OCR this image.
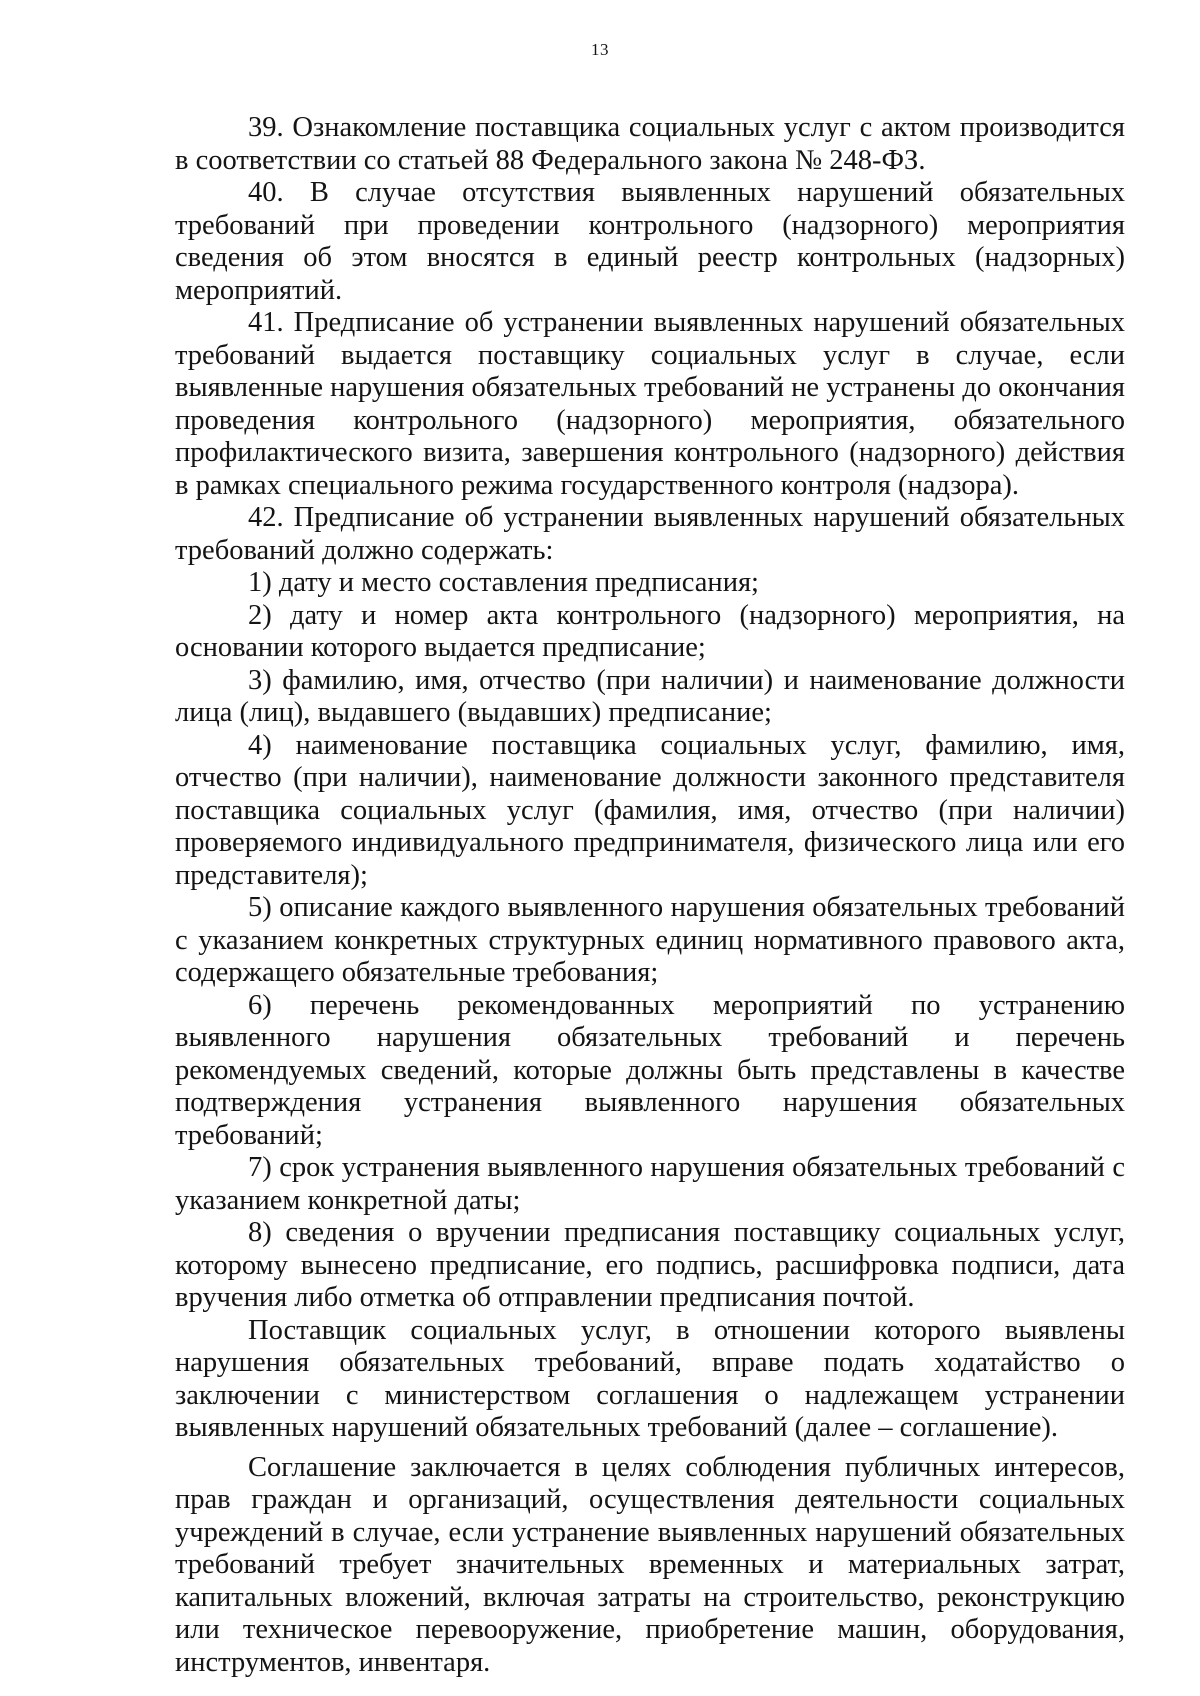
13

39. Ознакомление поставщика социальных услуг с актом производится в соответствии со статьей 88 Федерального закона № 248-ФЗ.

40. В случае отсутствия выявленных нарушений обязательных требований при проведении контрольного (надзорного) мероприятия сведения об этом вносятся в единый реестр контрольных (надзорных) мероприятий.

41. Предписание об устранении выявленных нарушений обязательных требований выдается поставщику социальных услуг в случае, если выявленные нарушения обязательных требований не устранены до окончания проведения контрольного (надзорного) мероприятия, обязательного профилактического визита, завершения контрольного (надзорного) действия в рамках специального режима государственного контроля (надзора).

42. Предписание об устранении выявленных нарушений обязательных требований должно содержать:

1) дату и место составления предписания;

2) дату и номер акта контрольного (надзорного) мероприятия, на основании которого выдается предписание;

3) фамилию, имя, отчество (при наличии) и наименование должности лица (лиц), выдавшего (выдавших) предписание;

4) наименование поставщика социальных услуг, фамилию, имя, отчество (при наличии), наименование должности законного представителя поставщика социальных услуг (фамилия, имя, отчество (при наличии) проверяемого индивидуального предпринимателя, физического лица или его представителя);

5) описание каждого выявленного нарушения обязательных требований с указанием конкретных структурных единиц нормативного правового акта, содержащего обязательные требования;

6) перечень рекомендованных мероприятий по устранению выявленного нарушения обязательных требований и перечень рекомендуемых сведений, которые должны быть представлены в качестве подтверждения устранения выявленного нарушения обязательных требований;

7) срок устранения выявленного нарушения обязательных требований с указанием конкретной даты;

8) сведения о вручении предписания поставщику социальных услуг, которому вынесено предписание, его подпись, расшифровка подписи, дата вручения либо отметка об отправлении предписания почтой.

Поставщик социальных услуг, в отношении которого выявлены нарушения обязательных требований, вправе подать ходатайство о заключении с министерством соглашения о надлежащем устранении выявленных нарушений обязательных требований (далее – соглашение).

Соглашение заключается в целях соблюдения публичных интересов, прав граждан и организаций, осуществления деятельности социальных учреждений в случае, если устранение выявленных нарушений обязательных требований требует значительных временных и материальных затрат, капитальных вложений, включая затраты на строительство, реконструкцию или техническое перевооружение, приобретение машин, оборудования, инструментов, инвентаря.
